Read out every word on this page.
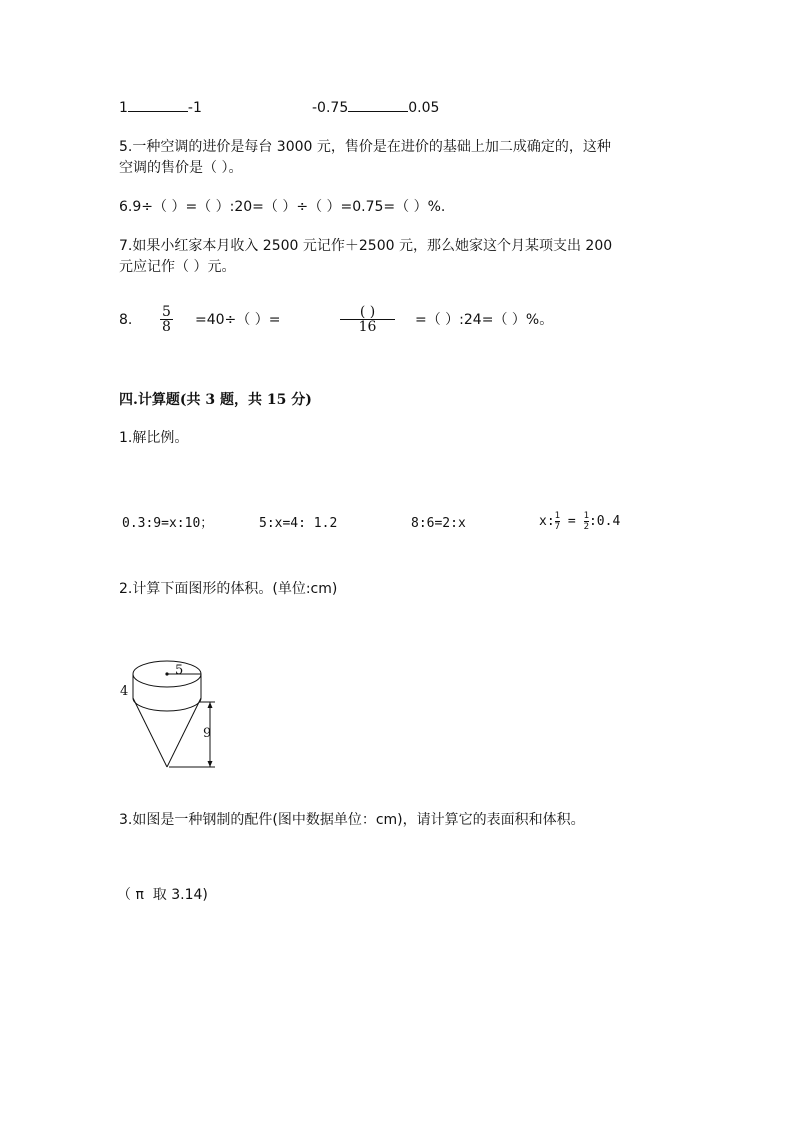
1	-1	-0.75	0.05
5.一种空调的进价是每台 3000 元，售价是在进价的基础上加二成确定的，这种
空调的售价是（ ）。
6.9÷（ ）=（ ）:20=（ ）÷（ ）=0.75=（ ）%.
7.如果小红家本月收入 2500 元记作＋2500 元，那么她家这个月某项支出 200
元应记作（ ）元。
8. 5
8 =40÷（ ）=	( )
16	=（ ）:24=（ ）%。
四.计算题(共 3 题，共 15 分)
1.解比例。
0.3:9=x:10；	5:x=4: 1.2	8:6=2:x	x: $\frac{1}{7} = \frac{1}{2}$ :0.4
2.计算下面图形的体积。(单位:cm)
5
4
9
3.如图是一种钢制的配件(图中数据单位：cm)，请计算它的表面积和体积。
（ π  取 3.14)
